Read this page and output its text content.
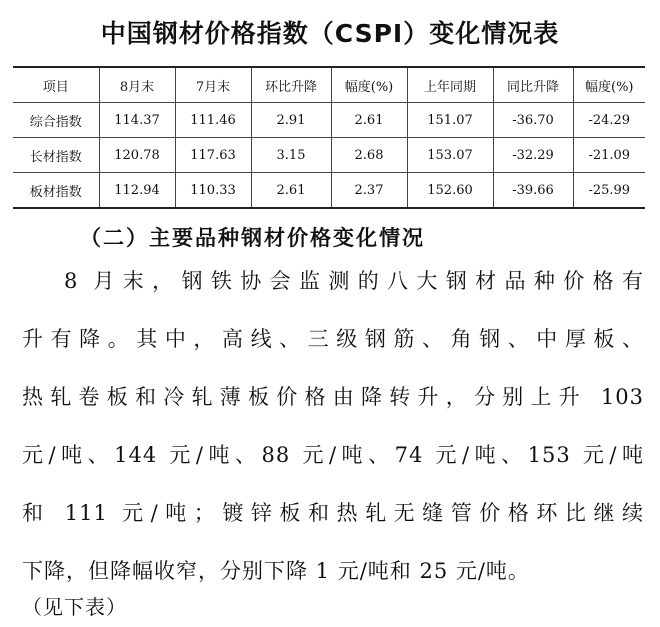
中国钢材价格指数（CSPI）变化情况表
项目	8月末	7月末	环比升降	幅度(%)	上年同期	同比升降	幅度(%)
综合指数	114.37	111.46	2.91	2.61	151.07	-36.70	-24.29
长材指数	120.78	117.63	3.15	2.68	153.07	-32.29	-21.09
板材指数	112.94	110.33	2.61	2.37	152.60	-39.66	-25.99
（二）主要品种钢材价格变化情况
8 月末，钢铁协会监测的八大钢材品种价格有
升有降。其中，高线、三级钢筋、角钢、中厚板、
热轧卷板和冷轧薄板价格由降转升，分别上升 103
元/吨、144 元/吨、88 元/吨、74 元/吨、153 元/吨
和 111 元/吨；镀锌板和热轧无缝管价格环比继续
下降，但降幅收窄，分别下降 1 元/吨和 25 元/吨。
（见下表）
